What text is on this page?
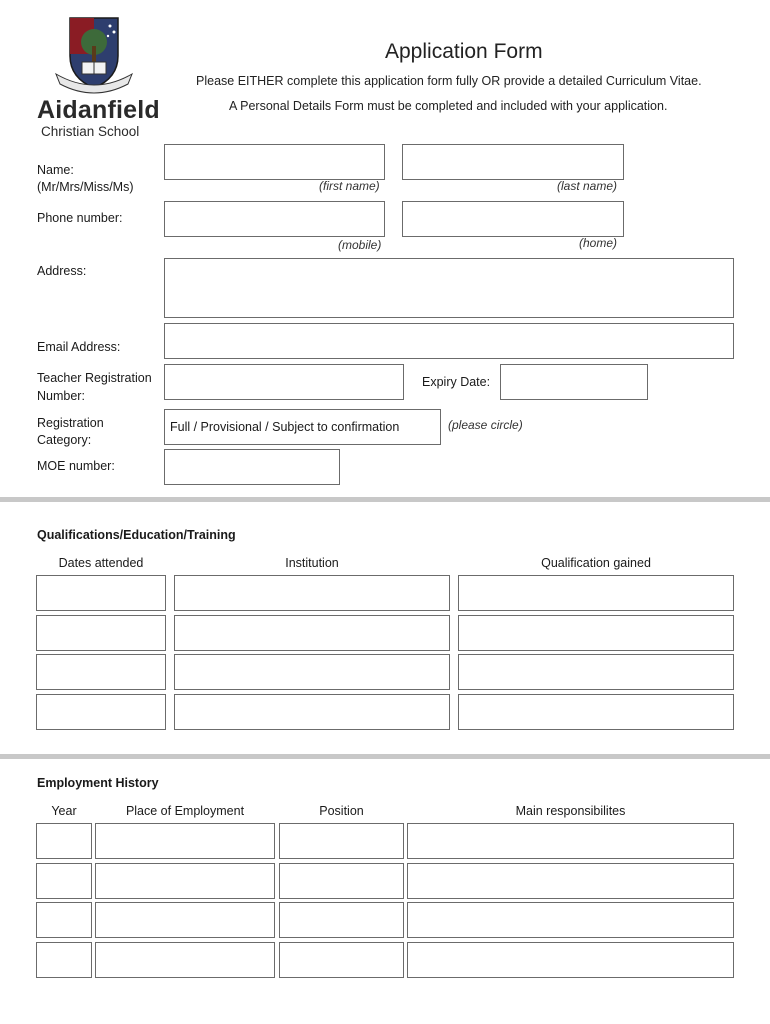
Aidanfield
Christian School
Application Form
Please EITHER complete this application form fully OR provide a detailed Curriculum Vitae.
A Personal Details Form must be completed and included with your application.
Name:
(Mr/Mrs/Miss/Ms)	(first name)	(last name)
Phone number:
(mobile)	(home)
Address:
Email Address:
Teacher Registration
Number:
Expiry Date:
Registration
Category:
Full / Provisional / Subject to confirmation	(please circle)
MOE number:
Qualifications/Education/Training
Dates attended	Institution	Qualification gained
Employment History
Year	Place of Employment	Position	Main responsibilites
